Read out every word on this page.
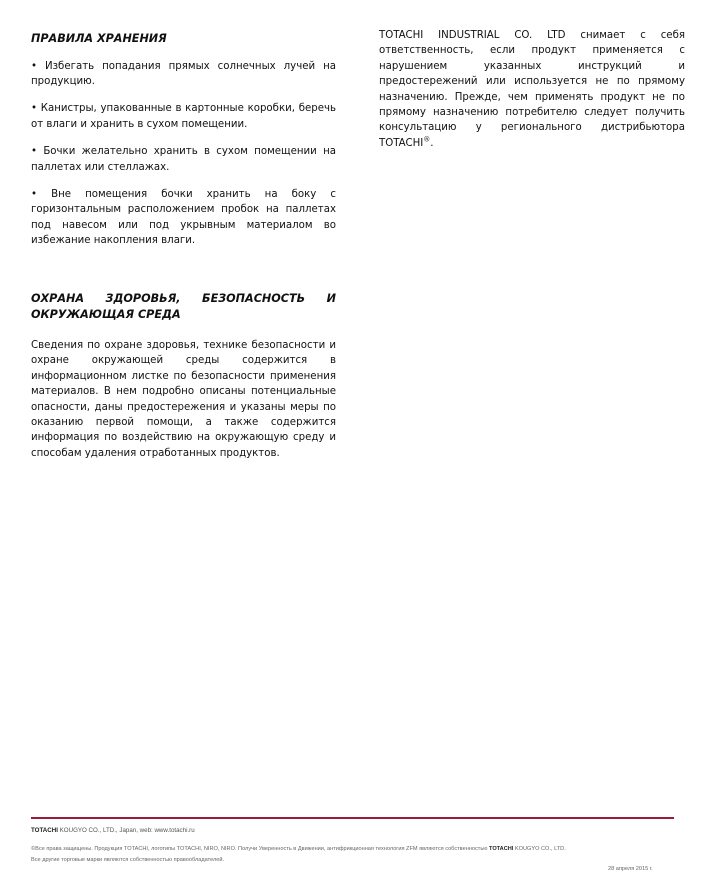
ПРАВИЛА ХРАНЕНИЯ
• Избегать попадания прямых солнечных лучей на продукцию.
• Канистры, упакованные в картонные коробки, беречь от влаги и хранить в сухом помещении.
• Бочки желательно хранить в сухом помещении на паллетах или стеллажах.
• Вне помещения бочки хранить на боку с горизонтальным расположением пробок на паллетах под навесом или под укрывным материалом во избежание накопления влаги.
ОХРАНА ЗДОРОВЬЯ, БЕЗОПАСНОСТЬ И ОКРУЖАЮЩАЯ СРЕДА

Сведения по охране здоровья, технике безопасности и охране окружающей среды содержится в информационном листке по безопасности применения материалов. В нем подробно описаны потенциальные опасности, даны предостережения и указаны меры по оказанию первой помощи, а также содержится информация по воздействию на окружающую среду и способам удаления отработанных продуктов.

TOTACHI INDUSTRIAL CO. LTD снимает с себя ответственность, если продукт применяется с нарушением указанных инструкций и предостережений или используется не по прямому назначению. Прежде, чем применять продукт не по прямому назначению потребителю следует получить консультацию у регионального дистрибьютора TOTACHI®.

TOTACHI KOUGYO CO., LTD., Japan, web: www.totachi.ru
©Все права защищены. Продукция TOTACHI, логотипы TOTACHI, NIRO, NIRO. Получи Уверенность в Движении, антифрикционная технология ZFM являются собственностью TOTACHI KOUGYO CO., LTD.
Все другие торговые марки являются собственностью правообладателей.
28 апреля 2015 г.
